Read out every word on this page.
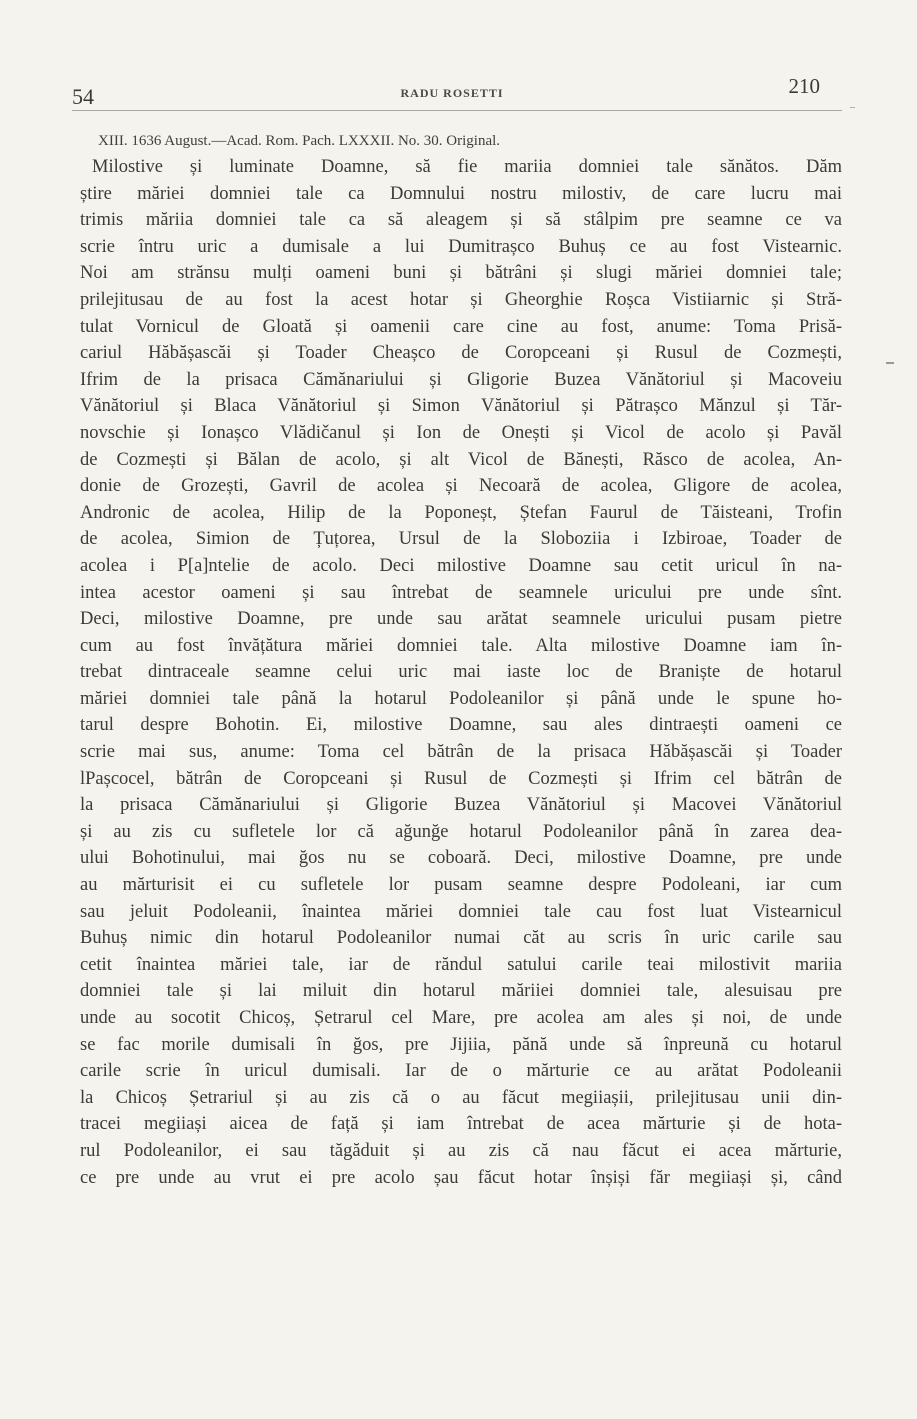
54	RADU ROSETTI	210
XIII. 1636 August.—Acad. Rom. Pach. LXXXII. No. 30. Original.
Milostive și luminate Doamne, să fie mariia domniei tale sănătos. Dăm
știre măriei domniei tale ca Domnului nostru milostiv, de care lucru mai
trimis măriia domniei tale ca să aleagem și să stâlpim pre seamne ce va
scrie întru uric a dumisale a lui Dumitrașco Buhuș ce au fost Vistearnic.
Noi am strănsu mulți oameni buni și bătrâni și slugi măriei domniei tale;
prilejitusau de au fost la acest hotar și Gheorghie Roșca Vistiiarnic și Stră-
tulat Vornicul de Gloată și oamenii care cine au fost, anume: Toma Prisă-
cariul Hăbășascăi și Toader Cheașco de Coropceani și Rusul de Cozmești,
Ifrim de la prisaca Cămănariului și Gligorie Buzea Vănătoriul și Macoveiu
Vănătoriul și Blaca Vănătoriul și Simon Vănătoriul și Pătrașco Mănzul și Tăr-
novschie și Ionașco Vlădičanul și Ion de Onești și Vicol de acolo și Pavăl
de Cozmești și Bălan de acolo, și alt Vicol de Bănești, Răsco de acolea, An-
donie de Grozești, Gavril de acolea și Necoară de acolea, Gligore de acolea,
Andronic de acolea, Hilip de la Poponeșt, Ștefan Faurul de Tăisteani, Trofin
de acolea, Simion de Țuțorea, Ursul de la Sloboziia i Izbiroae, Toader de
acolea i P[a]ntelie de acolo. Deci milostive Doamne sau cetit uricul în na-
intea acestor oameni și sau întrebat de seamnele uricului pre unde sînt.
Deci, milostive Doamne, pre unde sau arătat seamnele uricului pusam pietre
cum au fost învățătura măriei domniei tale. Alta milostive Doamne iam în-
trebat dintraceale seamne celui uric mai iaste loc de Braniște de hotarul
măriei domniei tale până la hotarul Podoleanilor și până unde le spune ho-
tarul despre Bohotin. Ei, milostive Doamne, sau ales dintraești oameni ce
scrie mai sus, anume: Toma cel bătrân de la prisaca Hăbășascăi și Toader
lPașcocel, bătrân de Coropceani și Rusul de Cozmești și Ifrim cel bătrân de
la prisaca Cămănariului și Gligorie Buzea Vănătoriul și Macovei Vănătoriul
și au zis cu sufletele lor că ağunğe hotarul Podoleanilor până în zarea dea-
ului Bohotinului, mai ğos nu se coboară. Deci, milostive Doamne, pre unde
au mărturisit ei cu sufletele lor pusam seamne despre Podoleani, iar cum
sau jeluit Podoleanii, înaintea măriei domniei tale cau fost luat Vistearnicul
Buhuș nimic din hotarul Podoleanilor numai căt au scris în uric carile sau
cetit înaintea măriei tale, iar de răndul satului carile teai milostivit mariia
domniei tale și lai miluit din hotarul măriiei domniei tale, alesuisau pre
unde au socotit Chicoș, Șetrarul cel Mare, pre acolea am ales și noi, de unde
se fac morile dumisali în ğos, pre Jijiia, pănă unde să înpreună cu hotarul
carile scrie în uricul dumisali. Iar de o mărturie ce au arătat Podoleanii
la Chicoș Șetrariul și au zis că o au făcut megiiașii, prilejitusau unii din-
tracei megiiași aicea de față și iam întrebat de acea mărturie și de hota-
rul Podoleanilor, ei sau tăgăduit și au zis că nau făcut ei acea mărturie,
ce pre unde au vrut ei pre acolo șau făcut hotar înșiși făr megiiași și, când
